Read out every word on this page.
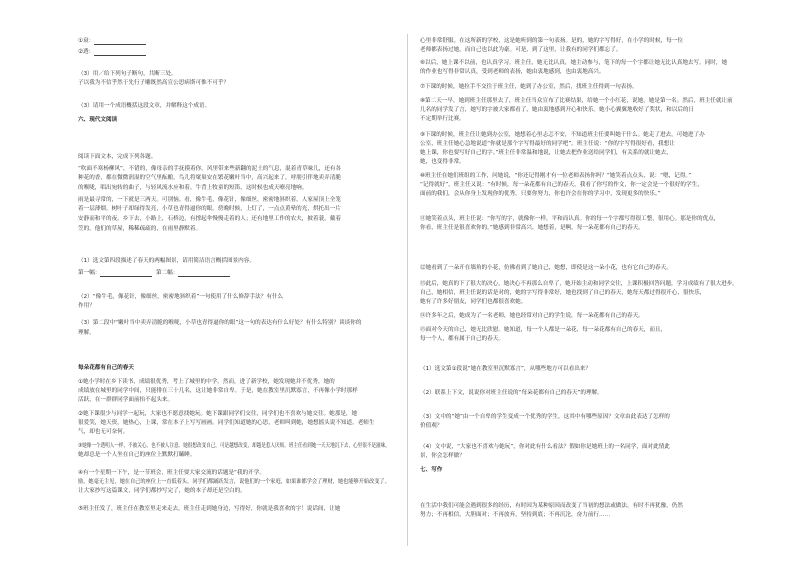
①衰：
②透：
（3）用／给下列句子断句，共断三处。
子以我为不信乎然于先行子雕既然高宣公思病斯可惟不可乎？
（3）请用一个成语概括这段文章，并解释这个成语。
六、现代文阅读
阅读下面文本，完成下列各题。
“吹面不寒杨柳风”，不错的，像母亲的手抚摸着你。风里带来些新翻的泥土的气息，混着青草味儿，还有各
种花的香，都在微微润湿的空气里酝酿。鸟儿将窠巢安在繁花嫩叶当中，高兴起来了，呼朋引伴地卖弄清脆
的喉咙，唱出宛转的曲子，与轻风流水应和着。牛背上牧童的短笛，这时候也成天嘹亮地响。
雨是最寻常的，一下就是三两天。可别恼。看，像牛毛，像花针，像细丝，密密地斜织着，人家屋顶上全笼
着一层薄烟。树叶子却绿得发亮，小草也青得逼你的眼。傍晚时候，上灯了，一点点黄晕的光，烘托出一片
安静而和平的夜。乡下去，小路上，石桥边，有撑起伞慢慢走着的人；还有地里工作的农夫，披着蓑，戴着
笠的。他们的草屋，稀稀疏疏的，在雨里静默着。
（1）选文第四段描述了春天的两幅图景，请用简洁语言概括图景内容。
第一幅：	第二幅：
（2）“像牛毛，像花针，像细丝，密密地斜织着”一句使用了什么修辞手法？有什么
作用？
（3）第二段中“嫩叶当中卖弄清脆的喉咙，小草也青得逼你的眼”这一句的表达有什么好处？有什么特别？谈谈你的
理解。
每朵花都有自己的春天
①她小学时在乡下读书，成绩很优秀，考上了城里的中学。然而，进了新学校，她发现她并不优秀，她的
成绩放在城里的同学中间，只能排在三十几名，这让她非常自卑。于是，她在教室里沉默寡言，不再像小学时那样
活跃，在一群群同学面前抬不起头来。
②她下课很少与同学一起玩，大家也不愿意找她玩。她下课跟同学们交往，同学们也不喜欢与她交往。她那是，她
很爱笑，她天资，她热心，上课，常在本子上写写画画。同学们知道她的心思，老师叫到她，她想摇头说不知道。老师生
气，却也无可奈何。
③她像一个透明人一样，不被关心，也不被人注意。她很想改变自己，可是越想改变，却越是惹人厌烦。班主任看到她一天天地沉下去，心里很不是滋味，
她却总是一个人坐在自己的座位上默默打瞌睡。
④有一个星期一下午，是一节班会，班主任要大家交流的话题是“我的开学。
励，她毫无主见，她在自己的座位上一直低着头。同学们都踊跃发言，说他们的一个家庭，如果谁都学会了理财，她也能够开始改变了。
让大家抄写这篇课文，同学们都抄写完了，她的本子却还是空白的。
⑤班主任发了，班主任在教室里走来走去，班主任走到她身边，写得好，你就是我喜欢的字！说话间，让她
心里非常舒服。在这所新的学校，这是她听到的第一句表扬。是的，她的字写得好，在小学的时候，每一位
老师都表扬过她，而自己也以此为豪。可是，到了这里，让我有的同学们都忘了。
⑥以后，她上课不以前，也认真学习。班主任，她无比认真，她主动参与，笔下的每一个字都让她无比认真地去写。同时，她
的作业也写得非常认真，受到老师的表扬，她由衷地感到，也由衷地高兴。
⑦下课的时候，她拉手不交往于班主任，她到了办公室，然后，找班主任得到一句表扬。
⑧第二天一早，她到班主任那里去了，班主任当众宣布了比赛结果，给她一个小红花，说她，她是第一名。然后，班主任就让前
几名的同学发了言，她写的字被大家都看了，她由衷地感到开心和快乐。她小心翼翼地收好了奖状，和以后的日
不定期举行比赛。
⑨下课的时候，班主任让她到办公室，她想着心里忐忑不安，不知道班主任要叫她干什么。她走了进去，可她进了办
公室，班主任她心急地说道“你就是那个字写得最好的同学吧”。班主任说：“你的字写得很好看，我想让
她上课，你也要写好自己的字。”班主任非常温和地说，让她去把作业送给同学们，有关系的就让她去，
她，也变得非常。
⑩班主任在她们班组的工作，问她说，“你还记得刚才有一位老师表扬你吗？”她笑着点点头，说：“嗯，记得。”
“记得就好”，班主任又说：“有时候，每一朵花都有自己的春天，我看了你写的作文，你一定会是一个很好的学生，
面前的我们，会从你身上发现你的优秀，只要你努力，你也许会在你的学习中，发现更多的快乐。”
⑪她笑着点头，班主任说：“你写的字，就像你一样，平和而认真。你的每一个字都写得很工整，很用心。那是你的优点，
你看，班主任是很喜欢你的。”她感到非常高兴，她想着，是啊，每一朵花都有自己的春天。
⑫她看到了一朵开在墙角的小花，仿佛看到了她自己，她想，即使是这一朵小花，也有它自己的春天。
⑬此后，她真的下了很大的决心，她决心不再那么自卑了，她开始主动和同学交往，上课积极回答问题，学习成绩有了很大进步。
自己，她相信，班主任说的话是对的，她的字写得非常好，她也找到了自己的春天，她每天都过得很开心，很快乐，
她有了许多好朋友，同学们也都很喜欢她。
⑭许多年之后，她成为了一名老师，她也经常对自己的学生说，每一朵花都有自己的春天。
⑮面对今天的自己，她无比欣慰。她知道，每一个人都是一朵花，每一朵花都有自己的春天，而且，
每一个人，都有属于自己的春天。
（1）选文第①段说“她在教室里沉默寡言”，从哪些地方可以看出来？
（2）联系上下文，说说你对班主任说的“每朵花都有自己的春天”的理解。
（3）文中的“她”由一个自卑的学生变成一个优秀的学生，这其中有哪些原因？文章由此表达了怎样的
价值观？
（4）文中说，“大家也不喜欢与她玩”，你对此有什么看法？假如你是她班上的一名同学，面对此情此
景，你会怎样做？
七、写作
在生活中我们可能会遇到很多的经历，有时因为某种原因而改变了当初的想法或做法。有时不再犹豫，仍然
努力；不再相信，大胆面对；不再放弃，坚持到底；不再沉沦，奋力前行……
